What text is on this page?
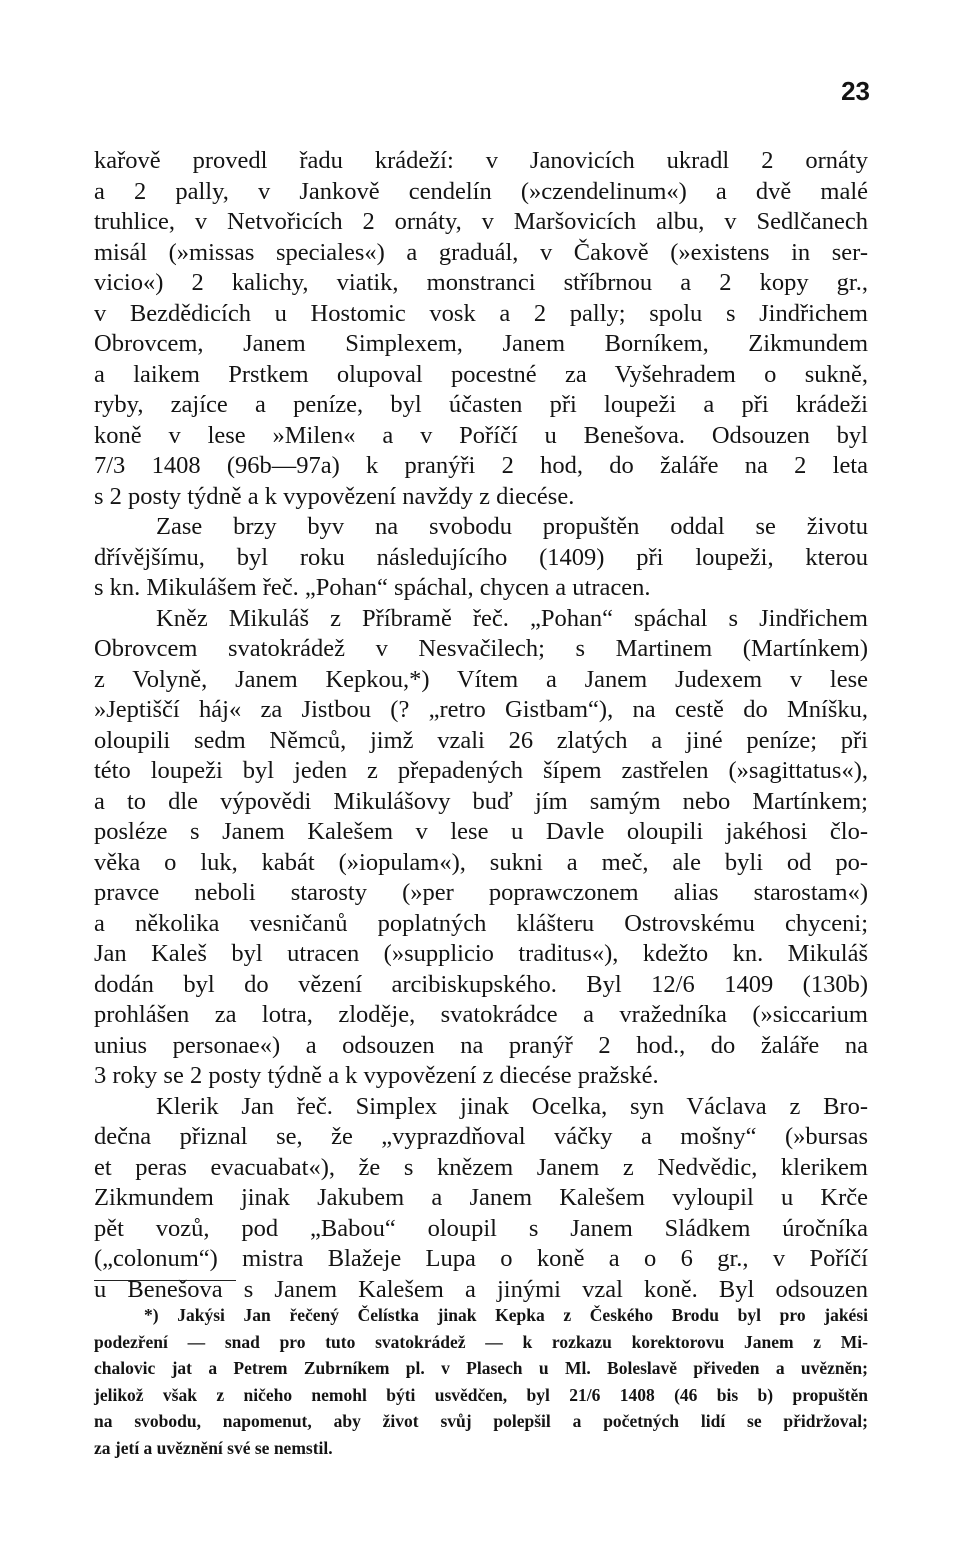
23
kařově provedl řadu krádeží: v Janovicích ukradl 2 ornáty
a 2 pally, v Jankově cendelín (»czendelinum«) a dvě malé
truhlice, v Netvořicích 2 ornáty, v Maršovicích albu, v Sedlčanech
misál (»missas speciales«) a graduál, v Čakově (»existens in ser-
vicio«) 2 kalichy, viatik, monstranci stříbrnou a 2 kopy gr.,
v Bezdědicích u Hostomic vosk a 2 pally; spolu s Jindřichem
Obrovcem, Janem Simplexem, Janem Borníkem, Zikmundem
a laikem Prstkem olupoval pocestné za Vyšehradem o sukně,
ryby, zajíce a peníze, byl účasten při loupeži a při krádeži
koně v lese »Milen« a v Poříčí u Benešova. Odsouzen byl
7/3 1408 (96b—97a) k pranýři 2 hod, do žaláře na 2 leta
s 2 posty týdně a k vypovězení navždy z diecése.
Zase brzy byv na svobodu propuštěn oddal se životu
dřívějšímu, byl roku následujícího (1409) při loupeži, kterou
s kn. Mikulášem řeč. „Pohan“ spáchal, chycen a utracen.
Kněz Mikuláš z Příbramě řeč. „Pohan“ spáchal s Jindřichem
Obrovcem svatokrádež v Nesvačilech; s Martinem (Martínkem)
z Volyně, Janem Kepkou,*) Vítem a Janem Judexem v lese
»Jeptiščí háj« za Jistbou (? „retro Gistbam“), na cestě do Mníšku,
oloupili sedm Němců, jimž vzali 26 zlatých a jiné peníze; při
této loupeži byl jeden z přepadených šípem zastřelen (»sagittatus«),
a to dle výpovědi Mikulášovy buď jím samým nebo Martínkem;
posléze s Janem Kalešem v lese u Davle oloupili jakéhosi člo-
věka o luk, kabát (»iopulam«), sukni a meč, ale byli od po-
pravce neboli starosty (»per poprawczonem alias starostam«)
a několika vesničanů poplatných klášteru Ostrovskému chyceni;
Jan Kaleš byl utracen (»supplicio traditus«), kdežto kn. Mikuláš
dodán byl do vězení arcibiskupského. Byl 12/6 1409 (130b)
prohlášen za lotra, zloděje, svatokrádce a vražedníka (»siccarium
unius personae«) a odsouzen na pranýř 2 hod., do žaláře na
3 roky se 2 posty týdně a k vypovězení z diecése pražské.
Klerik Jan řeč. Simplex jinak Ocelka, syn Václava z Bro-
dečna přiznal se, že „vyprazdňoval váčky a mošny“ (»bursas
et peras evacuabat«), že s knězem Janem z Nedvědic, klerikem
Zikmundem jinak Jakubem a Janem Kalešem vyloupil u Krče
pět vozů, pod „Babou“ oloupil s Janem Sládkem úročníka
(„colonum“) mistra Blažeje Lupa o koně a o 6 gr., v Poříčí
u Benešova s Janem Kalešem a jinými vzal koně. Byl odsouzen
*) Jakýsi Jan řečený Čelístka jinak Kepka z Českého Brodu byl pro jakési
podezření — snad pro tuto svatokrádež — k rozkazu korektorovu Janem z Mi-
chalovic jat a Petrem Zubrníkem pl. v Plasech u Ml. Boleslavě přiveden a uvězněn;
jelikož však z ničeho nemohl býti usvědčen, byl 21/6 1408 (46 bis b) propuštěn
na svobodu, napomenut, aby život svůj polepšil a početných lidí se přidržoval;
za jetí a uvěznění své se nemstil.
